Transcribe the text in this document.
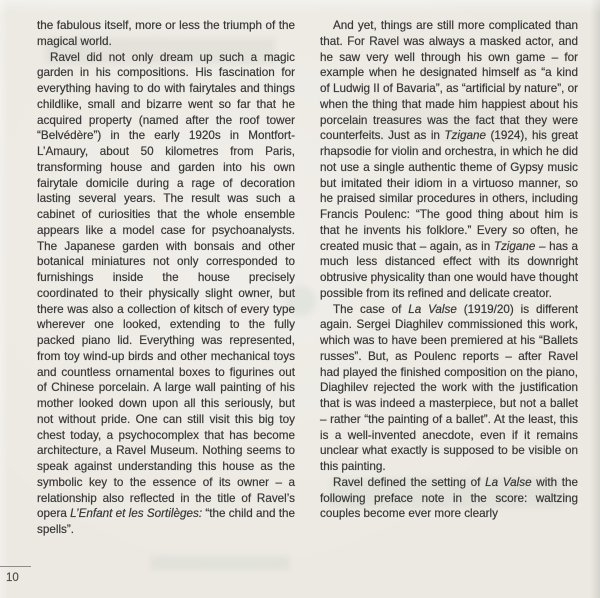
the fabulous itself, more or less the triumph of the magical world.

Ravel did not only dream up such a magic garden in his compositions. His fascination for everything having to do with fairytales and things childlike, small and bizarre went so far that he acquired property (named after the roof tower “Belvédère”) in the early 1920s in Montfort-L’Amaury, about 50 kilometres from Paris, transforming house and garden into his own fairytale domicile during a rage of decoration lasting several years. The result was such a cabinet of curiosities that the whole ensemble appears like a model case for psychoanalysts. The Japanese garden with bonsais and other botanical miniatures not only corresponded to furnishings inside the house precisely coordinated to their physically slight owner, but there was also a collection of kitsch of every type wherever one looked, extending to the fully packed piano lid. Everything was represented, from toy wind-up birds and other mechanical toys and countless ornamental boxes to figurines out of Chinese porcelain. A large wall painting of his mother looked down upon all this seriously, but not without pride. One can still visit this big toy chest today, a psychocomplex that has become architecture, a Ravel Museum. Nothing seems to speak against understanding this house as the symbolic key to the essence of its owner – a relationship also reflected in the title of Ravel’s opera L’Enfant et les Sortilèges: “the child and the spells”.

And yet, things are still more complicated than that. For Ravel was always a masked actor, and he saw very well through his own game – for example when he designated himself as “a kind of Ludwig II of Bavaria”, as “artificial by nature”, or when the thing that made him happiest about his porcelain treasures was the fact that they were counterfeits. Just as in Tzigane (1924), his great rhapsodie for violin and orchestra, in which he did not use a single authentic theme of Gypsy music but imitated their idiom in a virtuoso manner, so he praised similar procedures in others, including Francis Poulenc: “The good thing about him is that he invents his folklore.” Every so often, he created music that – again, as in Tzigane – has a much less distanced effect with its downright obtrusive physicality than one would have thought possible from its refined and delicate creator.

The case of La Valse (1919/20) is different again. Sergei Diaghilev commissioned this work, which was to have been premiered at his “Ballets russes”. But, as Poulenc reports – after Ravel had played the finished composition on the piano, Diaghilev rejected the work with the justification that is was indeed a masterpiece, but not a ballet – rather “the painting of a ballet”. At the least, this is a well-invented anecdote, even if it remains unclear what exactly is supposed to be visible on this painting.

Ravel defined the setting of La Valse with the following preface note in the score: waltzing couples become ever more clearly

10
